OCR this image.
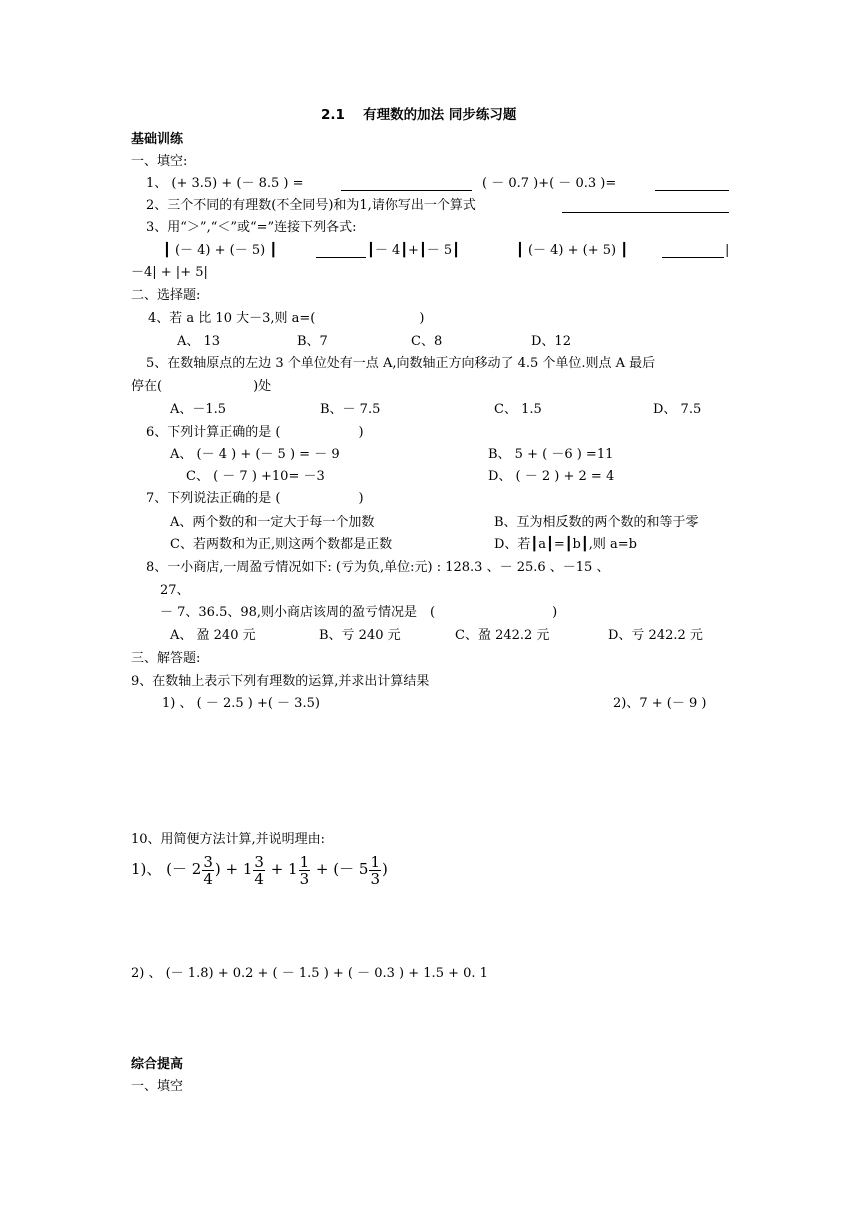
2.1　 有理数的加法 同步练习题
基础训练
一、填空:
1、 (+ 3.5) + (－ 8.5 ) =	( － 0.7 )+( － 0.3 )=
2、三个不同的有理数(不全同号)和为1,请你写出一个算式
3、用“＞”,“＜”或“=”连接下列各式:
┃ (－ 4) + (－ 5) ┃	┃－ 4┃+┃－ 5┃	┃ (－ 4) + (+ 5) ┃	|
－4| + |+ 5|
二、选择题:
4、若 a 比 10 大－3,则 a=(　　　　　　　　)
A、 13	B、7	C、8	D、12
5、在数轴原点的左边 3 个单位处有一点 A,向数轴正方向移动了 4.5 个单位.则点 A 最后
停在(　　　　　　　)处
A、－1.5	B、－ 7.5	C、 1.5	D、 7.5
6、下列计算正确的是 (　　　　　　)
A、 (－ 4 ) + (－ 5 ) = － 9	B、 5 + ( －6 ) =11
C、 ( － 7 ) +10= －3	D、 ( － 2 ) + 2 = 4
7、下列说法正确的是 (　　　　　　)
A、两个数的和一定大于每一个加数	B、互为相反数的两个数的和等于零
C、若两数和为正,则这两个数都是正数	D、若┃a┃=┃b┃,则 a=b
8、一小商店,一周盈亏情况如下: (亏为负,单位:元) : 128.3 、－ 25.6 、－15 、
27、
－ 7、36.5、98,则小商店该周的盈亏情况是　(　　　　　　　　　)
A、 盈 240 元	B、亏 240 元	C、盈 242.2 元	D、亏 242.2 元
三、解答题:
9、在数轴上表示下列有理数的运算,并求出计算结果
1) 、 ( － 2.5 ) +( － 3.5)	2)、7 + (－ 9 )
10、用简便方法计算,并说明理由:
1)、 (－ $2 \frac{3}{4}$ ) + $1 \frac{3}{4} + 1 \frac{1}{3}$ + (－ $5 \frac{1}{3}$ )
2) 、 (－ 1.8) + 0.2 + ( － 1.5 ) + ( － 0.3 ) + 1.5 + 0. 1
综合提高
一、填空
